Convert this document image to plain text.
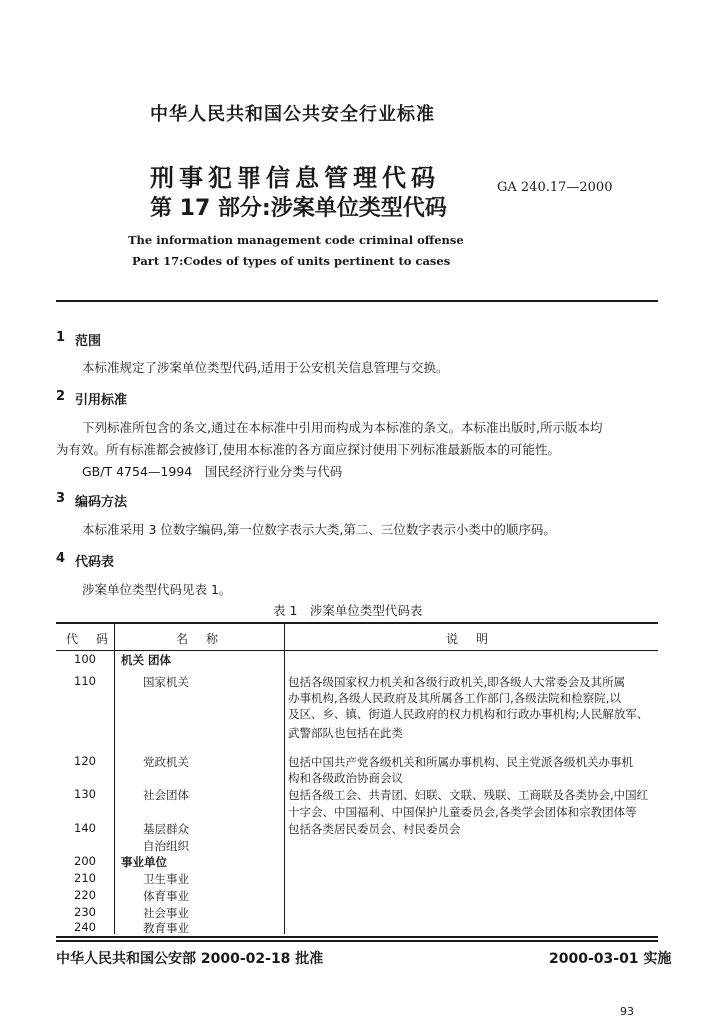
中华人民共和国公共安全行业标准
刑事犯罪信息管理代码
第 17 部分:涉案单位类型代码
GA 240.17—2000
The information management code criminal offense
Part 17:Codes of types of units pertinent to cases
1 范围
本标准规定了涉案单位类型代码,适用于公安机关信息管理与交换。
2 引用标准
下列标准所包含的条文,通过在本标准中引用而构成为本标准的条文。本标准出版时,所示版本均
为有效。所有标准都会被修订,使用本标准的各方面应探讨使用下列标准最新版本的可能性。
GB/T 4754—1994　国民经济行业分类与代码
3 编码方法
本标准采用 3 位数字编码,第一位数字表示大类,第二、三位数字表示小类中的顺序码。
4 代码表
涉案单位类型代码见表 1。
表 1　涉案单位类型代码表
代码	名称	说明
100 机关 团体
110	国家机关	包括各级国家权力机关和各级行政机关,即各级人大常委会及其所属
办事机构,各级人民政府及其所属各工作部门,各级法院和检察院,以
及区、乡、镇、街道人民政府的权力机构和行政办事机构;人民解放军、
武警部队也包括在此类
120	党政机关	包括中国共产党各级机关和所属办事机构、民主党派各级机关办事机
构和各级政治协商会议
130	社会团体	包括各级工会、共青团、妇联、文联、残联、工商联及各类协会,中国红
十字会、中国福利、中国保护儿童委员会,各类学会团体和宗教团体等
140	基层群众	包括各类居民委员会、村民委员会
自治组织
200 事业单位
210	卫生事业
220	体育事业
230	社会事业
240	教育事业
中华人民共和国公安部 2000-02-18 批准	2000-03-01 实施
93
